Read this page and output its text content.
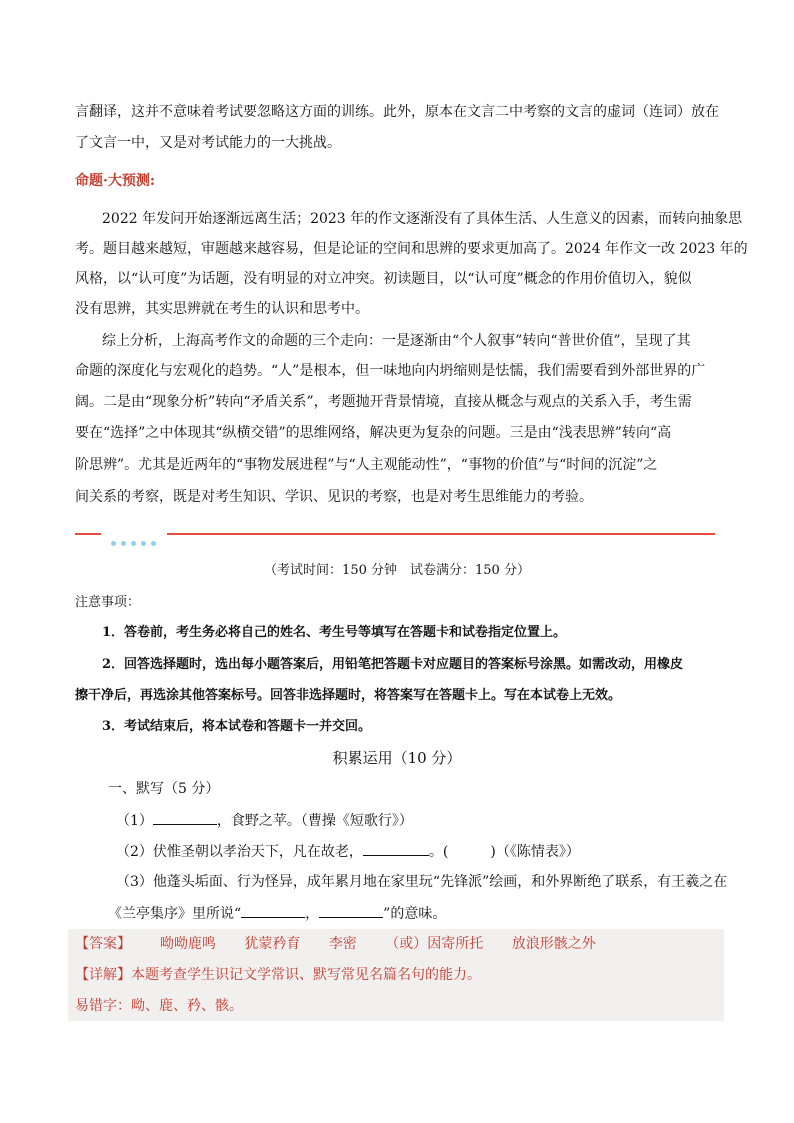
言翻译，这并不意味着考试要忽略这方面的训练。此外，原本在文言二中考察的文言的虚词（连词）放在
了文言一中，又是对考试能力的一大挑战。
命题·大预测:
2022 年发问开始逐渐远离生活；2023 年的作文逐渐没有了具体生活、人生意义的因素，而转向抽象思
考。题目越来越短，审题越来越容易，但是论证的空间和思辨的要求更加高了。2024 年作文一改 2023 年的
风格，以“认可度”为话题，没有明显的对立冲突。初读题目，以“认可度”概念的作用价值切入，貌似
没有思辨，其实思辨就在考生的认识和思考中。
综上分析，上海高考作文的命题的三个走向：一是逐渐由“个人叙事”转向“普世价值”，呈现了其
命题的深度化与宏观化的趋势。“人”是根本，但一味地向内坍缩则是怯懦，我们需要看到外部世界的广
阔。二是由“现象分析”转向“矛盾关系”，考题抛开背景情境，直接从概念与观点的关系入手，考生需
要在“选择”之中体现其“纵横交错”的思维网络，解决更为复杂的问题。三是由“浅表思辨”转向“高
阶思辨”。尤其是近两年的“事物发展进程”与“人主观能动性”，“事物的价值”与“时间的沉淀”之
间关系的考察，既是对考生知识、学识、见识的考察，也是对考生思维能力的考验。
（考试时间：150 分钟　试卷满分：150 分）
注意事项：
1．答卷前，考生务必将自己的姓名、考生号等填写在答题卡和试卷指定位置上。
2．回答选择题时，选出每小题答案后，用铅笔把答题卡对应题目的答案标号涂黑。如需改动，用橡皮
擦干净后，再选涂其他答案标号。回答非选择题时，将答案写在答题卡上。写在本试卷上无效。
3．考试结束后，将本试卷和答题卡一并交回。
积累运用（10 分）
一、默写（5 分）
（1）	，食野之苹。（曹操《短歌行》）
（2）伏惟圣朝以孝治天下，凡在故老，	。(　　　)（《陈情表》）
（3）他蓬头垢面、行为怪异，成年累月地在家里玩“先锋派”绘画，和外界断绝了联系，有王羲之在
《兰亭集序》里所说“	，	”的意味。
【答案】 呦呦鹿鸣 犹蒙矜育 李密 （或）因寄所托 放浪形骸之外
【详解】本题考查学生识记文学常识、默写常见名篇名句的能力。
易错字：呦、鹿、矜、骸。
